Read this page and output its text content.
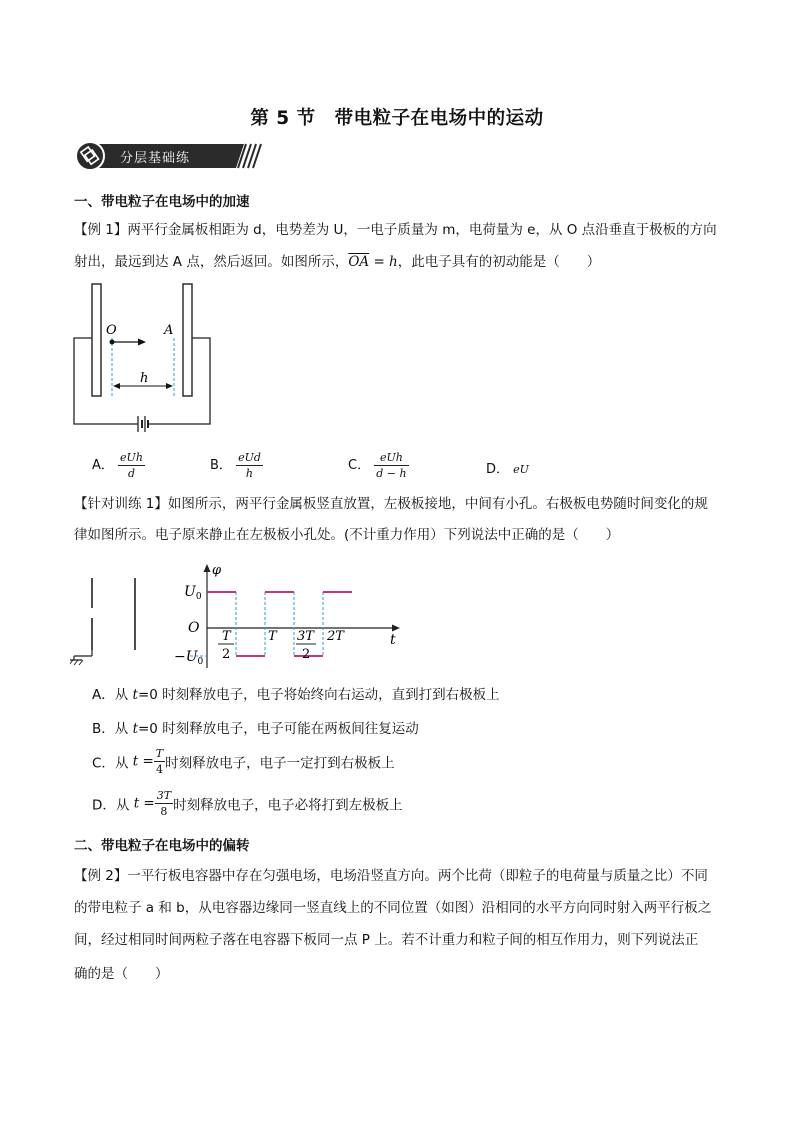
第 5 节　带电粒子在电场中的运动
分层基础练
一、带电粒子在电场中的加速
【例 1】两平行金属板相距为 d，电势差为 U，一电子质量为 m，电荷量为 e，从 O 点沿垂直于极板的方向
射出，最远到达 A 点，然后返回。如图所示，$\overline{OA} = h$，此电子具有的初动能是（　　）
O	A
h
A． $\frac{\text{eUh}}{d}$	B． $\frac{\text{eUd}}{h}$	C． $\frac{\text{eUh}}{d - h}$	D． eU
【针对训练 1】如图所示，两平行金属板竖直放置，左极板接地，中间有小孔。右极板电势随时间变化的规
律如图所示。电子原来静止在左极板小孔处。(不计重力作用）下列说法中正确的是（　　）
φ
t
O
$U_0$
$-U_0$
T
2
T 3T
2
2T
A．从 t=0 时刻释放电子，电子将始终向右运动，直到打到右极板上
B．从 t=0 时刻释放电子，电子可能在两板间往复运动
C．从 $t = \frac{T}{4}$ 时刻释放电子，电子一定打到右极板上
D．从 $t = \frac{3T}{8}$ 时刻释放电子，电子必将打到左极板上
二、带电粒子在电场中的偏转
【例 2】一平行板电容器中存在匀强电场，电场沿竖直方向。两个比荷（即粒子的电荷量与质量之比）不同
的带电粒子 a 和 b，从电容器边缘同一竖直线上的不同位置（如图）沿相同的水平方向同时射入两平行板之
间，经过相同时间两粒子落在电容器下板同一点 P 上。若不计重力和粒子间的相互作用力，则下列说法正
确的是（　　）
